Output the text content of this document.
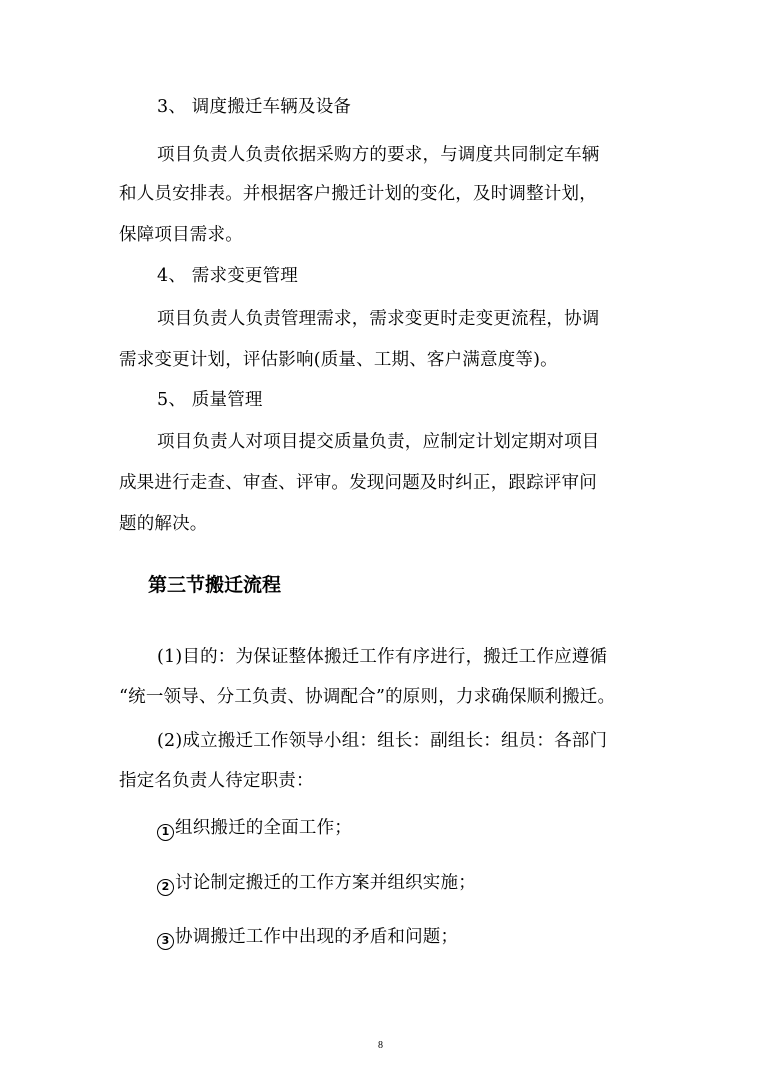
3、 调度搬迁车辆及设备
项目负责人负责依据采购方的要求，与调度共同制定车辆
和人员安排表。并根据客户搬迁计划的变化，及时调整计划，
保障项目需求。
4、 需求变更管理
项目负责人负责管理需求，需求变更时走变更流程，协调
需求变更计划，评估影响(质量、工期、客户满意度等)。
5、 质量管理
项目负责人对项目提交质量负责，应制定计划定期对项目
成果进行走查、审查、评审。发现问题及时纠正，跟踪评审问
题的解决。
第三节搬迁流程
(1)目的：为保证整体搬迁工作有序进行，搬迁工作应遵循
“统一领导、分工负责、协调配合”的原则，力求确保顺利搬迁。
(2)成立搬迁工作领导小组：组长：副组长：组员：各部门
指定名负责人待定职责：
1 组织搬迁的全面工作；
2 讨论制定搬迁的工作方案并组织实施；
3 协调搬迁工作中出现的矛盾和问题；
8
